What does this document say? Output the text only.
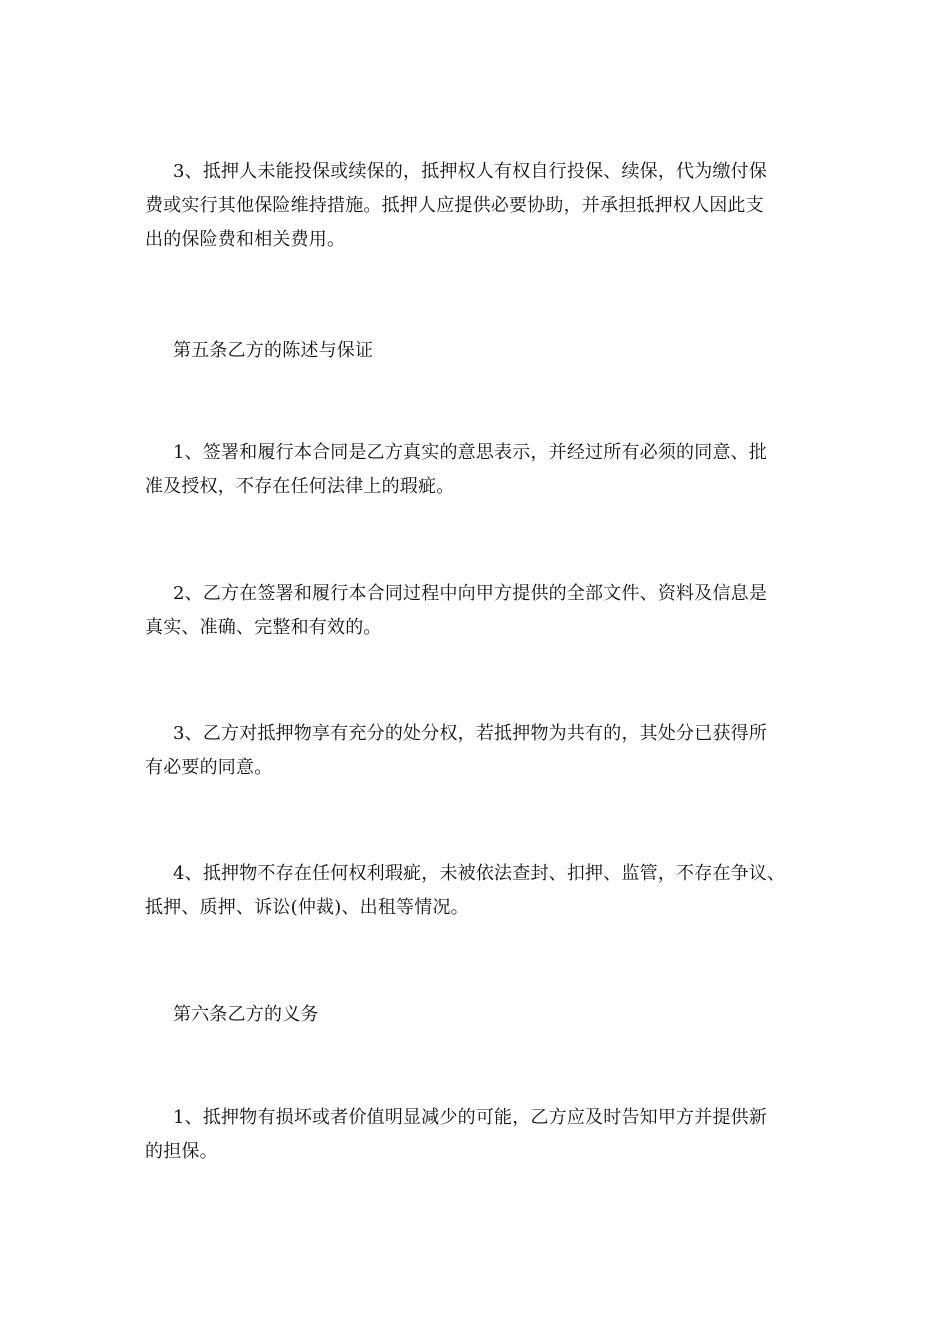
3、抵押人未能投保或续保的，抵押权人有权自行投保、续保，代为缴付保
费或实行其他保险维持措施。抵押人应提供必要协助，并承担抵押权人因此支
出的保险费和相关费用。
第五条乙方的陈述与保证
1、签署和履行本合同是乙方真实的意思表示，并经过所有必须的同意、批
准及授权，不存在任何法律上的瑕疵。
2、乙方在签署和履行本合同过程中向甲方提供的全部文件、资料及信息是
真实、准确、完整和有效的。
3、乙方对抵押物享有充分的处分权，若抵押物为共有的，其处分已获得所
有必要的同意。
4、抵押物不存在任何权利瑕疵，未被依法查封、扣押、监管，不存在争议、
抵押、质押、诉讼(仲裁)、出租等情况。
第六条乙方的义务
1、抵押物有损坏或者价值明显减少的可能，乙方应及时告知甲方并提供新
的担保。
